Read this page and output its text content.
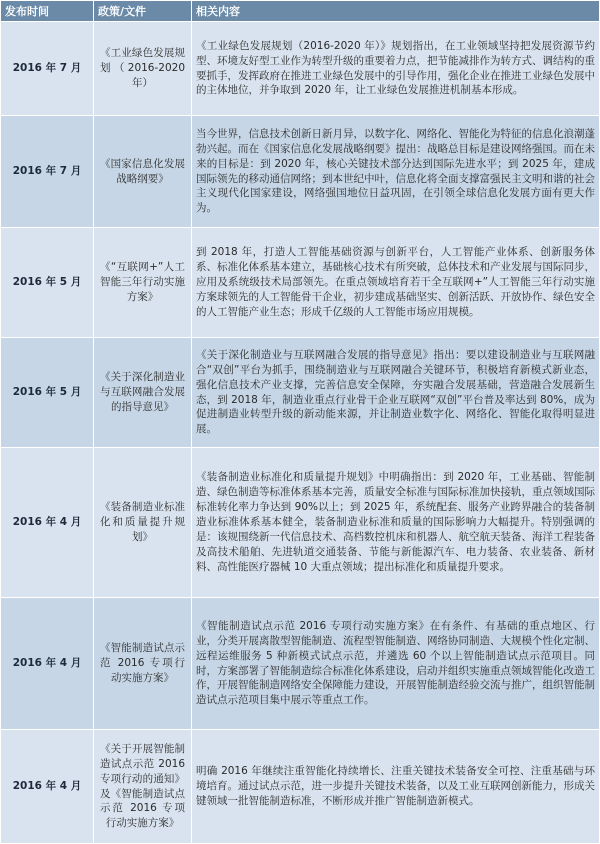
发布时间	政策/文件	相关内容
2016 年 7 月	《工业绿色发展规划（2016-2020 年）	《工业绿色发展规划（2016-2020 年）》规划指出，在工业领域坚持把发展资源节约型、环境友好型工业作为转型升级的重要着力点，把节能减排作为转方式、调结构的重要抓手，发挥政府在推进工业绿色发展中的引导作用，强化企业在推进工业绿色发展中的主体地位，并争取到 2020 年，让工业绿色发展推进机制基本形成。
2016 年 7 月	《国家信息化发展战略纲要》	当今世界，信息技术创新日新月异，以数字化、网络化、智能化为特征的信息化浪潮蓬勃兴起。而在《国家信息化发展战略纲要》提出：战略总目标是建设网络强国。而在未来的目标是：到 2020 年，核心关键技术部分达到国际先进水平；到 2025 年，建成国际领先的移动通信网络；到本世纪中叶，信息化将全面支撑富强民主文明和谐的社会主义现代化国家建设，网络强国地位日益巩固，在引领全球信息化发展方面有更大作为。
2016 年 5 月	《“互联网+”人工智能三年行动实施方案》	到 2018 年，打造人工智能基础资源与创新平台，人工智能产业体系、创新服务体系、标准化体系基本建立，基础核心技术有所突破，总体技术和产业发展与国际同步，应用及系统级技术局部领先。在重点领域培育若干全互联网+”人工智能三年行动实施方案球领先的人工智能骨干企业，初步建成基础坚实、创新活跃、开放协作、绿色安全的人工智能产业生态；形成千亿级的人工智能市场应用规模。
2016 年 5 月	《关于深化制造业与互联网融合发展的指导意见》	《关于深化制造业与互联网融合发展的指导意见》指出：要以建设制造业与互联网融合“双创”平台为抓手，围绕制造业与互联网融合关键环节，积极培育新模式新业态，强化信息技术产业支撑，完善信息安全保障，夯实融合发展基础，营造融合发展新生态，到 2018 年，制造业重点行业骨干企业互联网“双创”平台普及率达到 80%，成为促进制造业转型升级的新动能来源，并让制造业数字化、网络化、智能化取得明显进展。
2016 年 4 月	《装备制造业标准化和质量提升规划》	《装备制造业标准化和质量提升规划》中明确指出：到 2020 年，工业基础、智能制造、绿色制造等标准体系基本完善，质量安全标准与国际标准加快接轨，重点领域国际标准转化率力争达到 90%以上；到 2025 年，系统配套、服务产业跨界融合的装备制造业标准体系基本健全，装备制造业标准和质量的国际影响力大幅提升。特别强调的是：该规围绕新一代信息技术、高档数控机床和机器人、航空航天装备、海洋工程装备及高技术船舶、先进轨道交通装备、节能与新能源汽车、电力装备、农业装备、新材料、高性能医疗器械 10 大重点领域；提出标准化和质量提升要求。
2016 年 4 月	《智能制造试点示范 2016 专项行动实施方案》	《智能制造试点示范 2016 专项行动实施方案》在有条件、有基础的重点地区、行业，分类开展离散型智能制造、流程型智能制造、网络协同制造、大规模个性化定制、远程运维服务 5 种新模式试点示范，并遴选 60 个以上智能制造试点示范项目。同时，方案部署了智能制造综合标准化体系建设，启动并组织实施重点领域智能化改造工作，开展智能制造网络安全保障能力建设，开展智能制造经验交流与推广，组织智能制造试点示范项目集中展示等重点工作。
2016 年 4 月	《关于开展智能制造试点示范 2016 专项行动的通知》及《智能制造试点示范 2016 专项行动实施方案》	明确 2016 年继续注重智能化持续增长、注重关键技术装备安全可控、注重基础与环境培育。通过试点示范，进一步提升关键技术装备，以及工业互联网创新能力，形成关键领域一批智能制造标准，不断形成并推广智能制造新模式。
